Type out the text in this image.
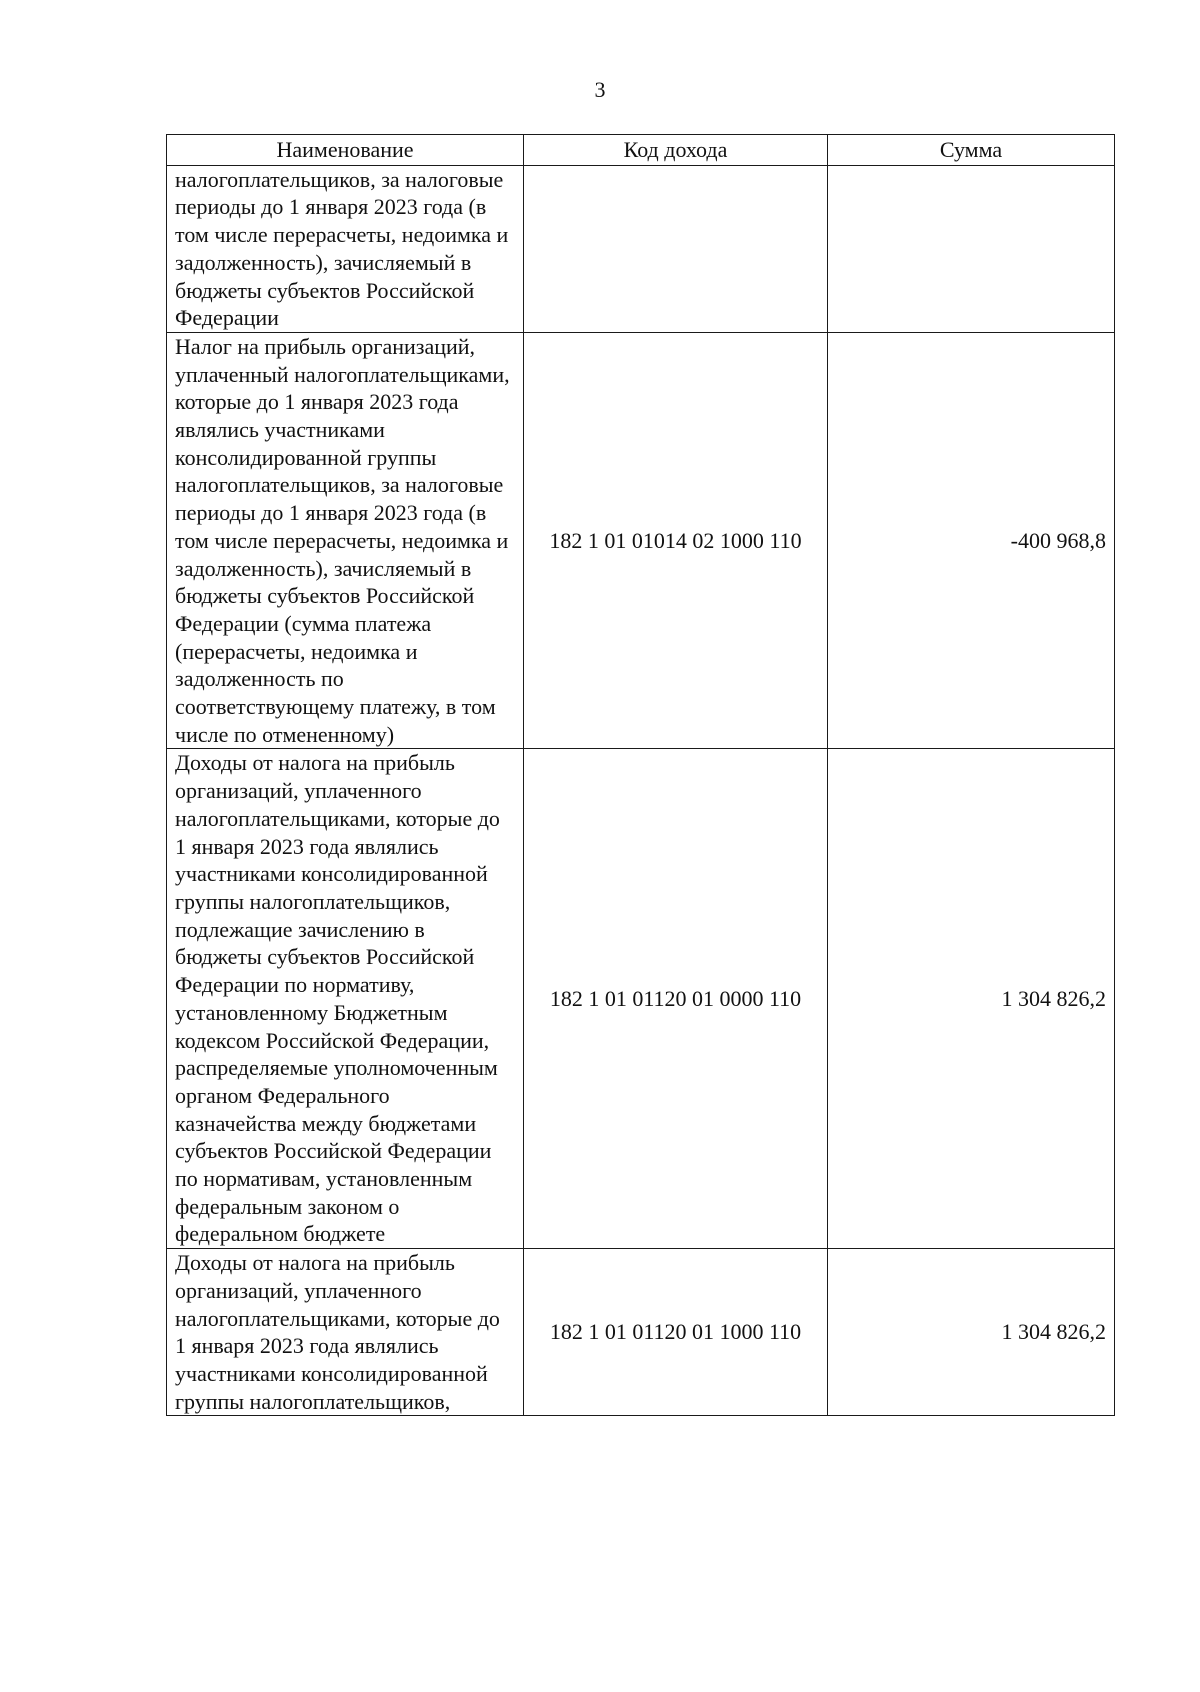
3
Наименование	Код дохода	Сумма
налогоплательщиков, за налоговые периоды до 1 января 2023 года (в том числе перерасчеты, недоимка и задолженность), зачисляемый в бюджеты субъектов Российской Федерации		
Налог на прибыль организаций, уплаченный налогоплательщиками, которые до 1 января 2023 года являлись участниками консолидированной группы налогоплательщиков, за налоговые периоды до 1 января 2023 года (в том числе перерасчеты, недоимка и задолженность), зачисляемый в бюджеты субъектов Российской Федерации (сумма платежа (перерасчеты, недоимка и задолженность по соответствующему платежу, в том числе по отмененному)	182 1 01 01014 02 1000 110	-400 968,8
Доходы от налога на прибыль организаций, уплаченного налогоплательщиками, которые до 1 января 2023 года являлись участниками консолидированной группы налогоплательщиков, подлежащие зачислению в бюджеты субъектов Российской Федерации по нормативу, установленному Бюджетным кодексом Российской Федерации, распределяемые уполномоченным органом Федерального казначейства между бюджетами субъектов Российской Федерации по нормативам, установленным федеральным законом о федеральном бюджете	182 1 01 01120 01 0000 110	1 304 826,2
Доходы от налога на прибыль организаций, уплаченного налогоплательщиками, которые до 1 января 2023 года являлись участниками консолидированной группы налогоплательщиков,	182 1 01 01120 01 1000 110	1 304 826,2
